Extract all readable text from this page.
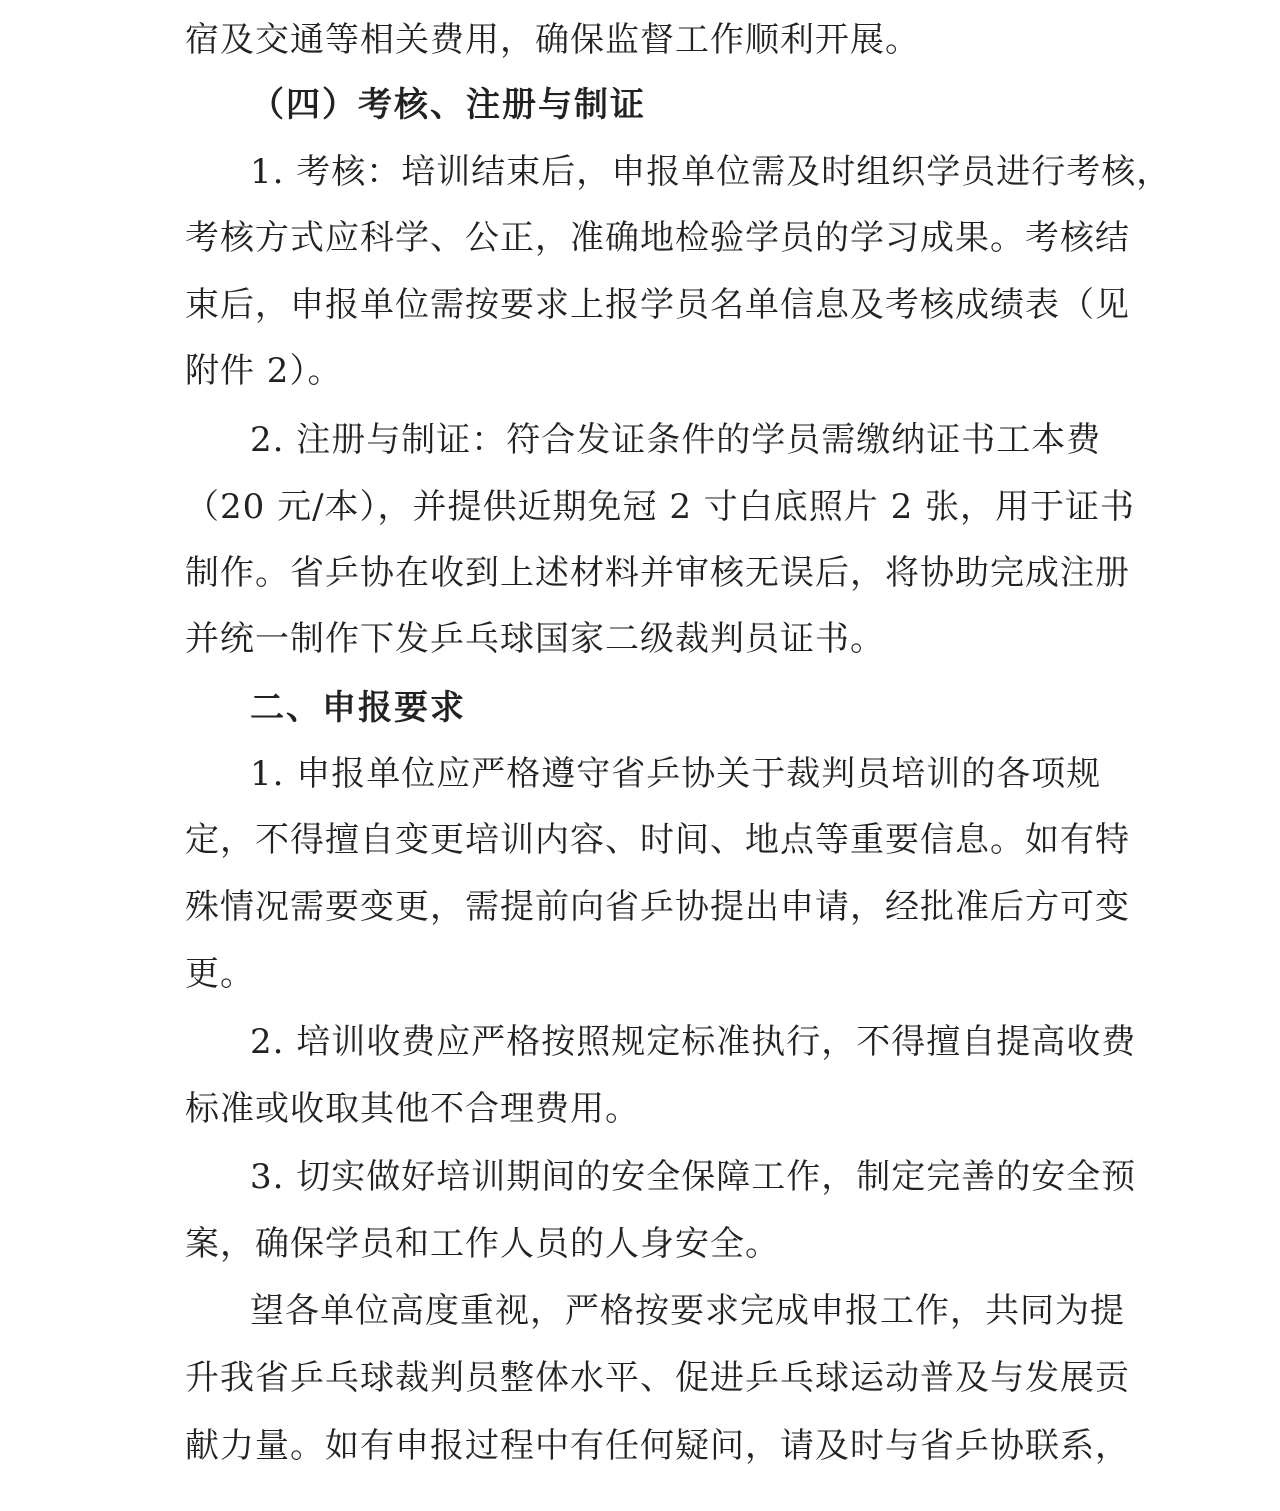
宿及交通等相关费用，确保监督工作顺利开展。
（四）考核、注册与制证
1. 考核：培训结束后，申报单位需及时组织学员进行考核，
考核方式应科学、公正，准确地检验学员的学习成果。考核结
束后，申报单位需按要求上报学员名单信息及考核成绩表（见
附件 2）。
2. 注册与制证：符合发证条件的学员需缴纳证书工本费
（20 元/本），并提供近期免冠 2 寸白底照片 2 张，用于证书
制作。省乒协在收到上述材料并审核无误后，将协助完成注册
并统一制作下发乒乓球国家二级裁判员证书。
二、申报要求
1. 申报单位应严格遵守省乒协关于裁判员培训的各项规
定，不得擅自变更培训内容、时间、地点等重要信息。如有特
殊情况需要变更，需提前向省乒协提出申请，经批准后方可变
更。
2. 培训收费应严格按照规定标准执行，不得擅自提高收费
标准或收取其他不合理费用。
3. 切实做好培训期间的安全保障工作，制定完善的安全预
案，确保学员和工作人员的人身安全。
望各单位高度重视，严格按要求完成申报工作，共同为提
升我省乒乓球裁判员整体水平、促进乒乓球运动普及与发展贡
献力量。如有申报过程中有任何疑问，请及时与省乒协联系，
